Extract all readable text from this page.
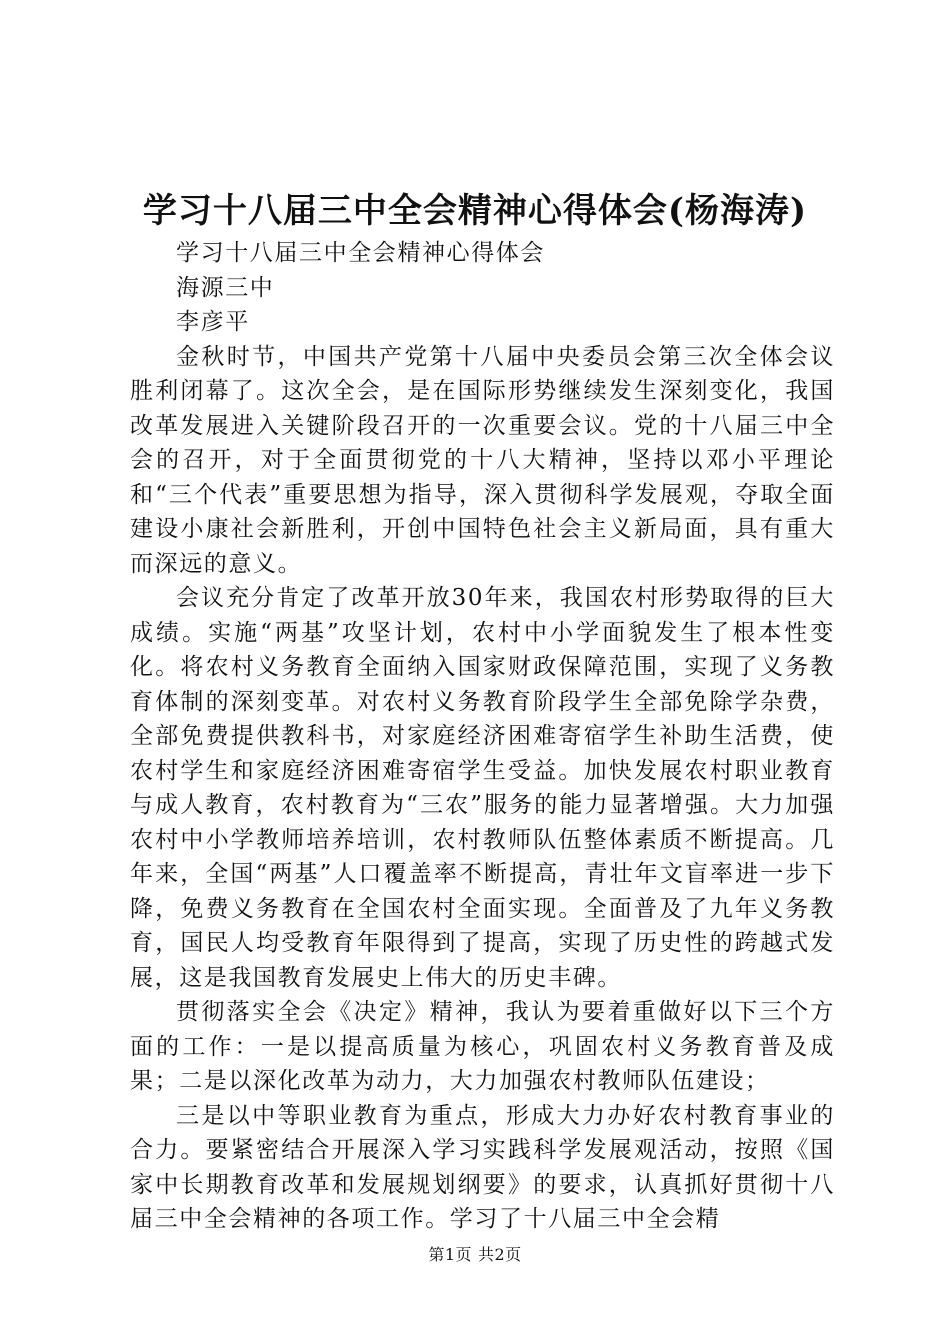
学习十八届三中全会精神心得体会(杨海涛)

学习十八届三中全会精神心得体会

海源三中

李彦平

金秋时节，中国共产党第十八届中央委员会第三次全体会议胜利闭幕了。这次全会，是在国际形势继续发生深刻变化，我国改革发展进入关键阶段召开的一次重要会议。党的十八届三中全会的召开，对于全面贯彻党的十八大精神，坚持以邓小平理论和“三个代表”重要思想为指导，深入贯彻科学发展观，夺取全面建设小康社会新胜利，开创中国特色社会主义新局面，具有重大而深远的意义。

会议充分肯定了改革开放30年来，我国农村形势取得的巨大成绩。实施“两基”攻坚计划，农村中小学面貌发生了根本性变化。将农村义务教育全面纳入国家财政保障范围，实现了义务教育体制的深刻变革。对农村义务教育阶段学生全部免除学杂费，全部免费提供教科书，对家庭经济困难寄宿学生补助生活费，使农村学生和家庭经济困难寄宿学生受益。加快发展农村职业教育与成人教育，农村教育为“三农”服务的能力显著增强。大力加强农村中小学教师培养培训，农村教师队伍整体素质不断提高。几年来，全国“两基”人口覆盖率不断提高，青壮年文盲率进一步下降，免费义务教育在全国农村全面实现。全面普及了九年义务教育，国民人均受教育年限得到了提高，实现了历史性的跨越式发展，这是我国教育发展史上伟大的历史丰碑。

贯彻落实全会《决定》精神，我认为要着重做好以下三个方面的工作：一是以提高质量为核心，巩固农村义务教育普及成果；二是以深化改革为动力，大力加强农村教师队伍建设；

三是以中等职业教育为重点，形成大力办好农村教育事业的合力。要紧密结合开展深入学习实践科学发展观活动，按照《国家中长期教育改革和发展规划纲要》的要求，认真抓好贯彻十八届三中全会精神的各项工作。学习了十八届三中全会精

第1页 共2页
